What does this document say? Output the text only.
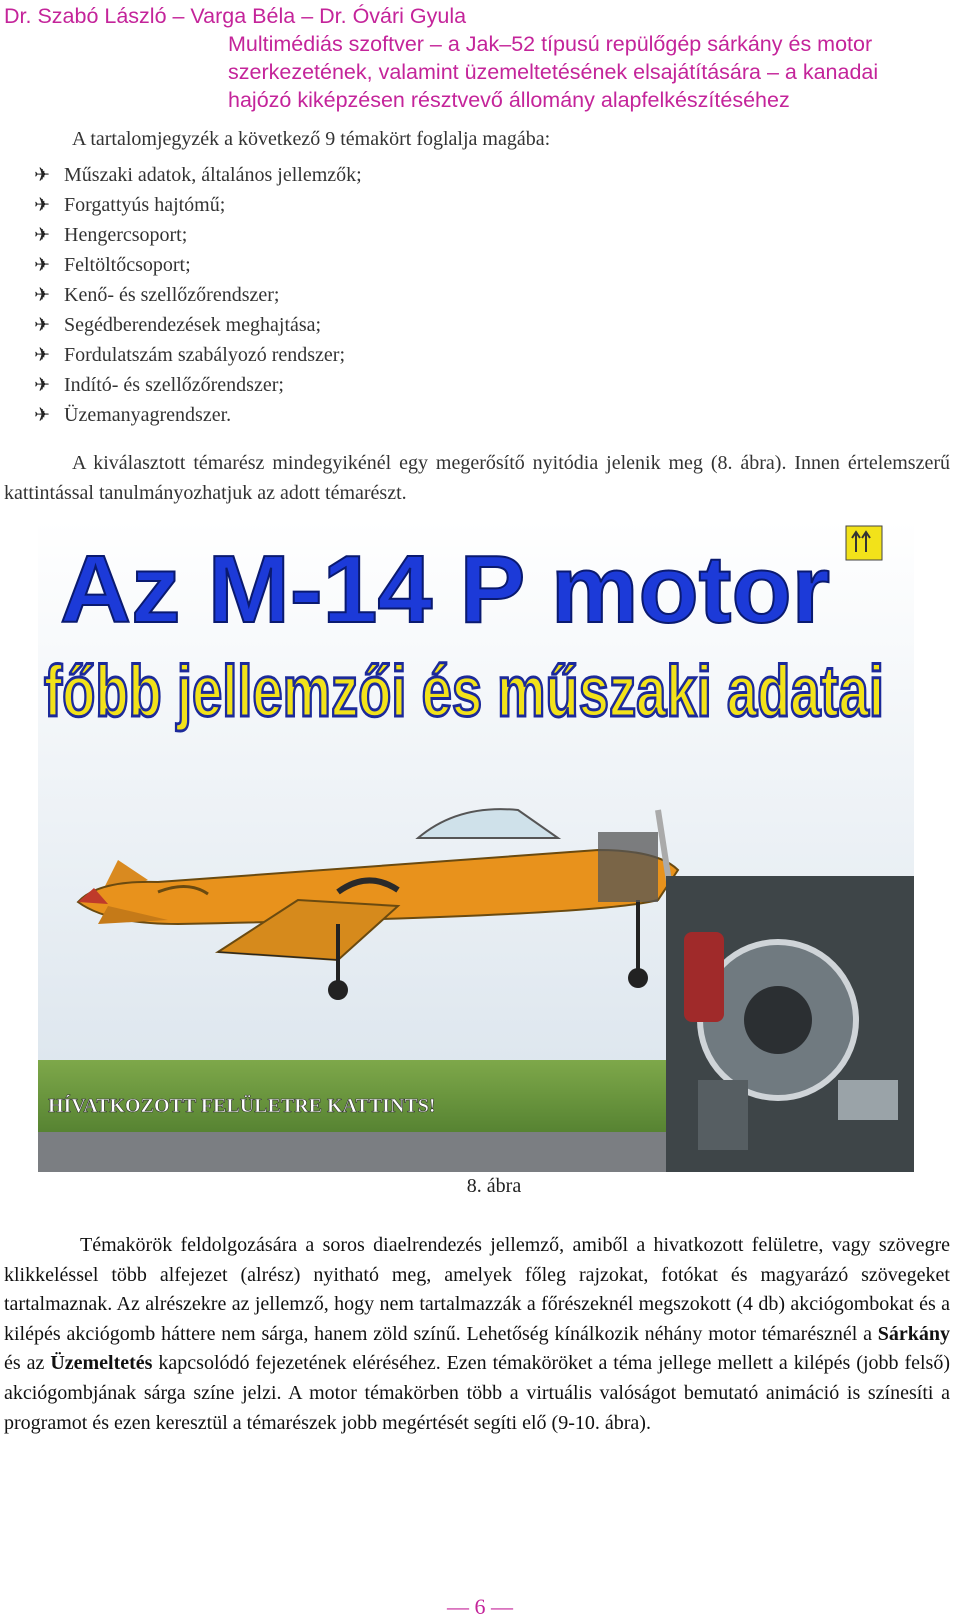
Dr. Szabó László – Varga Béla – Dr. Óvári Gyula
Multimédiás szoftver – a Jak–52 típusú repülőgép sárkány és motor
szerkezetének, valamint üzemeltetésének elsajátítására – a kanadai
hajózó kiképzésen résztvevő állomány alapfelkészítéséhez
A tartalomjegyzék a következő 9 témakört foglalja magába:
✈ Műszaki adatok, általános jellemzők;
✈ Forgattyús hajtómű;
✈ Hengercsoport;
✈ Feltöltőcsoport;
✈ Kenő- és szellőzőrendszer;
✈ Segédberendezések meghajtása;
✈ Fordulatszám szabályozó rendszer;
✈ Indító- és szellőzőrendszer;
✈ Üzemanyagrendszer.

A kiválasztott témarész mindegyikénél egy megerősítő nyitódia jelenik meg (8. ábra). Innen értelemszerű kattintással tanulmányozhatjuk az adott témarészt.

Az M-14 P motor
főbb jellemzői és műszaki adatai
HÍVATKOZOTT FELÜLETRE KATTINTS!
8. ábra

Témakörök feldolgozására a soros diaelrendezés jellemző, amiből a hivatkozott felületre, vagy szövegre klikkeléssel több alfejezet (alrész) nyitható meg, amelyek főleg rajzokat, fotókat és magyarázó szövegeket tartalmaznak. Az alrészekre az jellemző, hogy nem tartalmazzák a főrészeknél megszokott (4 db) akciógombokat és a kilépés akciógomb háttere nem sárga, hanem zöld színű. Lehetőség kínálkozik néhány motor témarésznél a Sárkány és az Üzemeltetés kapcsolódó fejezetének eléréséhez. Ezen témaköröket a téma jellege mellett a kilépés (jobb felső) akciógombjának sárga színe jelzi. A motor témakörben több a virtuális valóságot bemutató animáció is színesíti a programot és ezen keresztül a témarészek jobb megértését segíti elő (9-10. ábra).

— 6 —
